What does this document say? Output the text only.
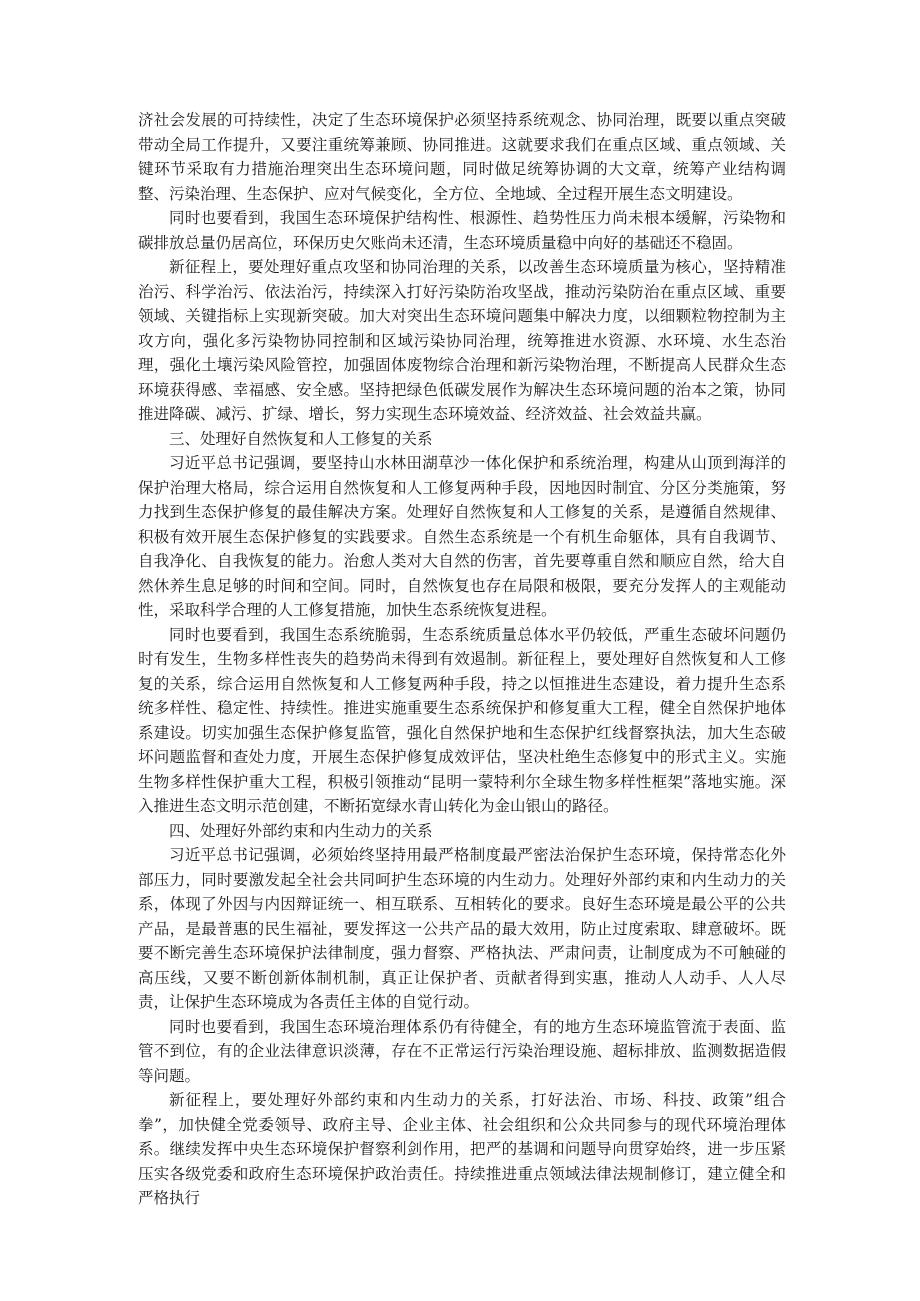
济社会发展的可持续性，决定了生态环境保护必须坚持系统观念、协同治理，既要以重点突破带动全局工作提升，又要注重统筹兼顾、协同推进。这就要求我们在重点区域、重点领域、关键环节采取有力措施治理突出生态环境问题，同时做足统筹协调的大文章，统筹产业结构调整、污染治理、生态保护、应对气候变化，全方位、全地域、全过程开展生态文明建设。

同时也要看到，我国生态环境保护结构性、根源性、趋势性压力尚未根本缓解，污染物和碳排放总量仍居高位，环保历史欠账尚未还清，生态环境质量稳中向好的基础还不稳固。

新征程上，要处理好重点攻坚和协同治理的关系，以改善生态环境质量为核心，坚持精准治污、科学治污、依法治污，持续深入打好污染防治攻坚战，推动污染防治在重点区域、重要领域、关键指标上实现新突破。加大对突出生态环境问题集中解决力度，以细颗粒物控制为主攻方向，强化多污染物协同控制和区域污染协同治理，统筹推进水资源、水环境、水生态治理，强化土壤污染风险管控，加强固体废物综合治理和新污染物治理，不断提高人民群众生态环境获得感、幸福感、安全感。坚持把绿色低碳发展作为解决生态环境问题的治本之策，协同推进降碳、减污、扩绿、增长，努力实现生态环境效益、经济效益、社会效益共赢。

三、处理好自然恢复和人工修复的关系

习近平总书记强调，要坚持山水林田湖草沙一体化保护和系统治理，构建从山顶到海洋的保护治理大格局，综合运用自然恢复和人工修复两种手段，因地因时制宜、分区分类施策，努力找到生态保护修复的最佳解决方案。处理好自然恢复和人工修复的关系，是遵循自然规律、积极有效开展生态保护修复的实践要求。自然生态系统是一个有机生命躯体，具有自我调节、自我净化、自我恢复的能力。治愈人类对大自然的伤害，首先要尊重自然和顺应自然，给大自然休养生息足够的时间和空间。同时，自然恢复也存在局限和极限，要充分发挥人的主观能动性，采取科学合理的人工修复措施，加快生态系统恢复进程。

同时也要看到，我国生态系统脆弱，生态系统质量总体水平仍较低，严重生态破坏问题仍时有发生，生物多样性丧失的趋势尚未得到有效遏制。新征程上，要处理好自然恢复和人工修复的关系，综合运用自然恢复和人工修复两种手段，持之以恒推进生态建设，着力提升生态系统多样性、稳定性、持续性。推进实施重要生态系统保护和修复重大工程，健全自然保护地体系建设。切实加强生态保护修复监管，强化自然保护地和生态保护红线督察执法，加大生态破坏问题监督和查处力度，开展生态保护修复成效评估，坚决杜绝生态修复中的形式主义。实施生物多样性保护重大工程，积极引领推动“昆明一蒙特利尔全球生物多样性框架”落地实施。深入推进生态文明示范创建，不断拓宽绿水青山转化为金山银山的路径。

四、处理好外部约束和内生动力的关系

习近平总书记强调，必须始终坚持用最严格制度最严密法治保护生态环境，保持常态化外部压力，同时要激发起全社会共同呵护生态环境的内生动力。处理好外部约束和内生动力的关系，体现了外因与内因辩证统一、相互联系、互相转化的要求。良好生态环境是最公平的公共产品，是最普惠的民生福祉，要发挥这一公共产品的最大效用，防止过度索取、肆意破坏。既要不断完善生态环境保护法律制度，强力督察、严格执法、严肃问责，让制度成为不可触碰的高压线，又要不断创新体制机制，真正让保护者、贡献者得到实惠，推动人人动手、人人尽责，让保护生态环境成为各责任主体的自觉行动。

同时也要看到，我国生态环境治理体系仍有待健全，有的地方生态环境监管流于表面、监管不到位，有的企业法律意识淡薄，存在不正常运行污染治理设施、超标排放、监测数据造假等问题。

新征程上，要处理好外部约束和内生动力的关系，打好法治、市场、科技、政策”组合拳”，加快健全党委领导、政府主导、企业主体、社会组织和公众共同参与的现代环境治理体系。继续发挥中央生态环境保护督察利剑作用，把严的基调和问题导向贯穿始终，进一步压紧压实各级党委和政府生态环境保护政治责任。持续推进重点领域法律法规制修订，建立健全和严格执行
